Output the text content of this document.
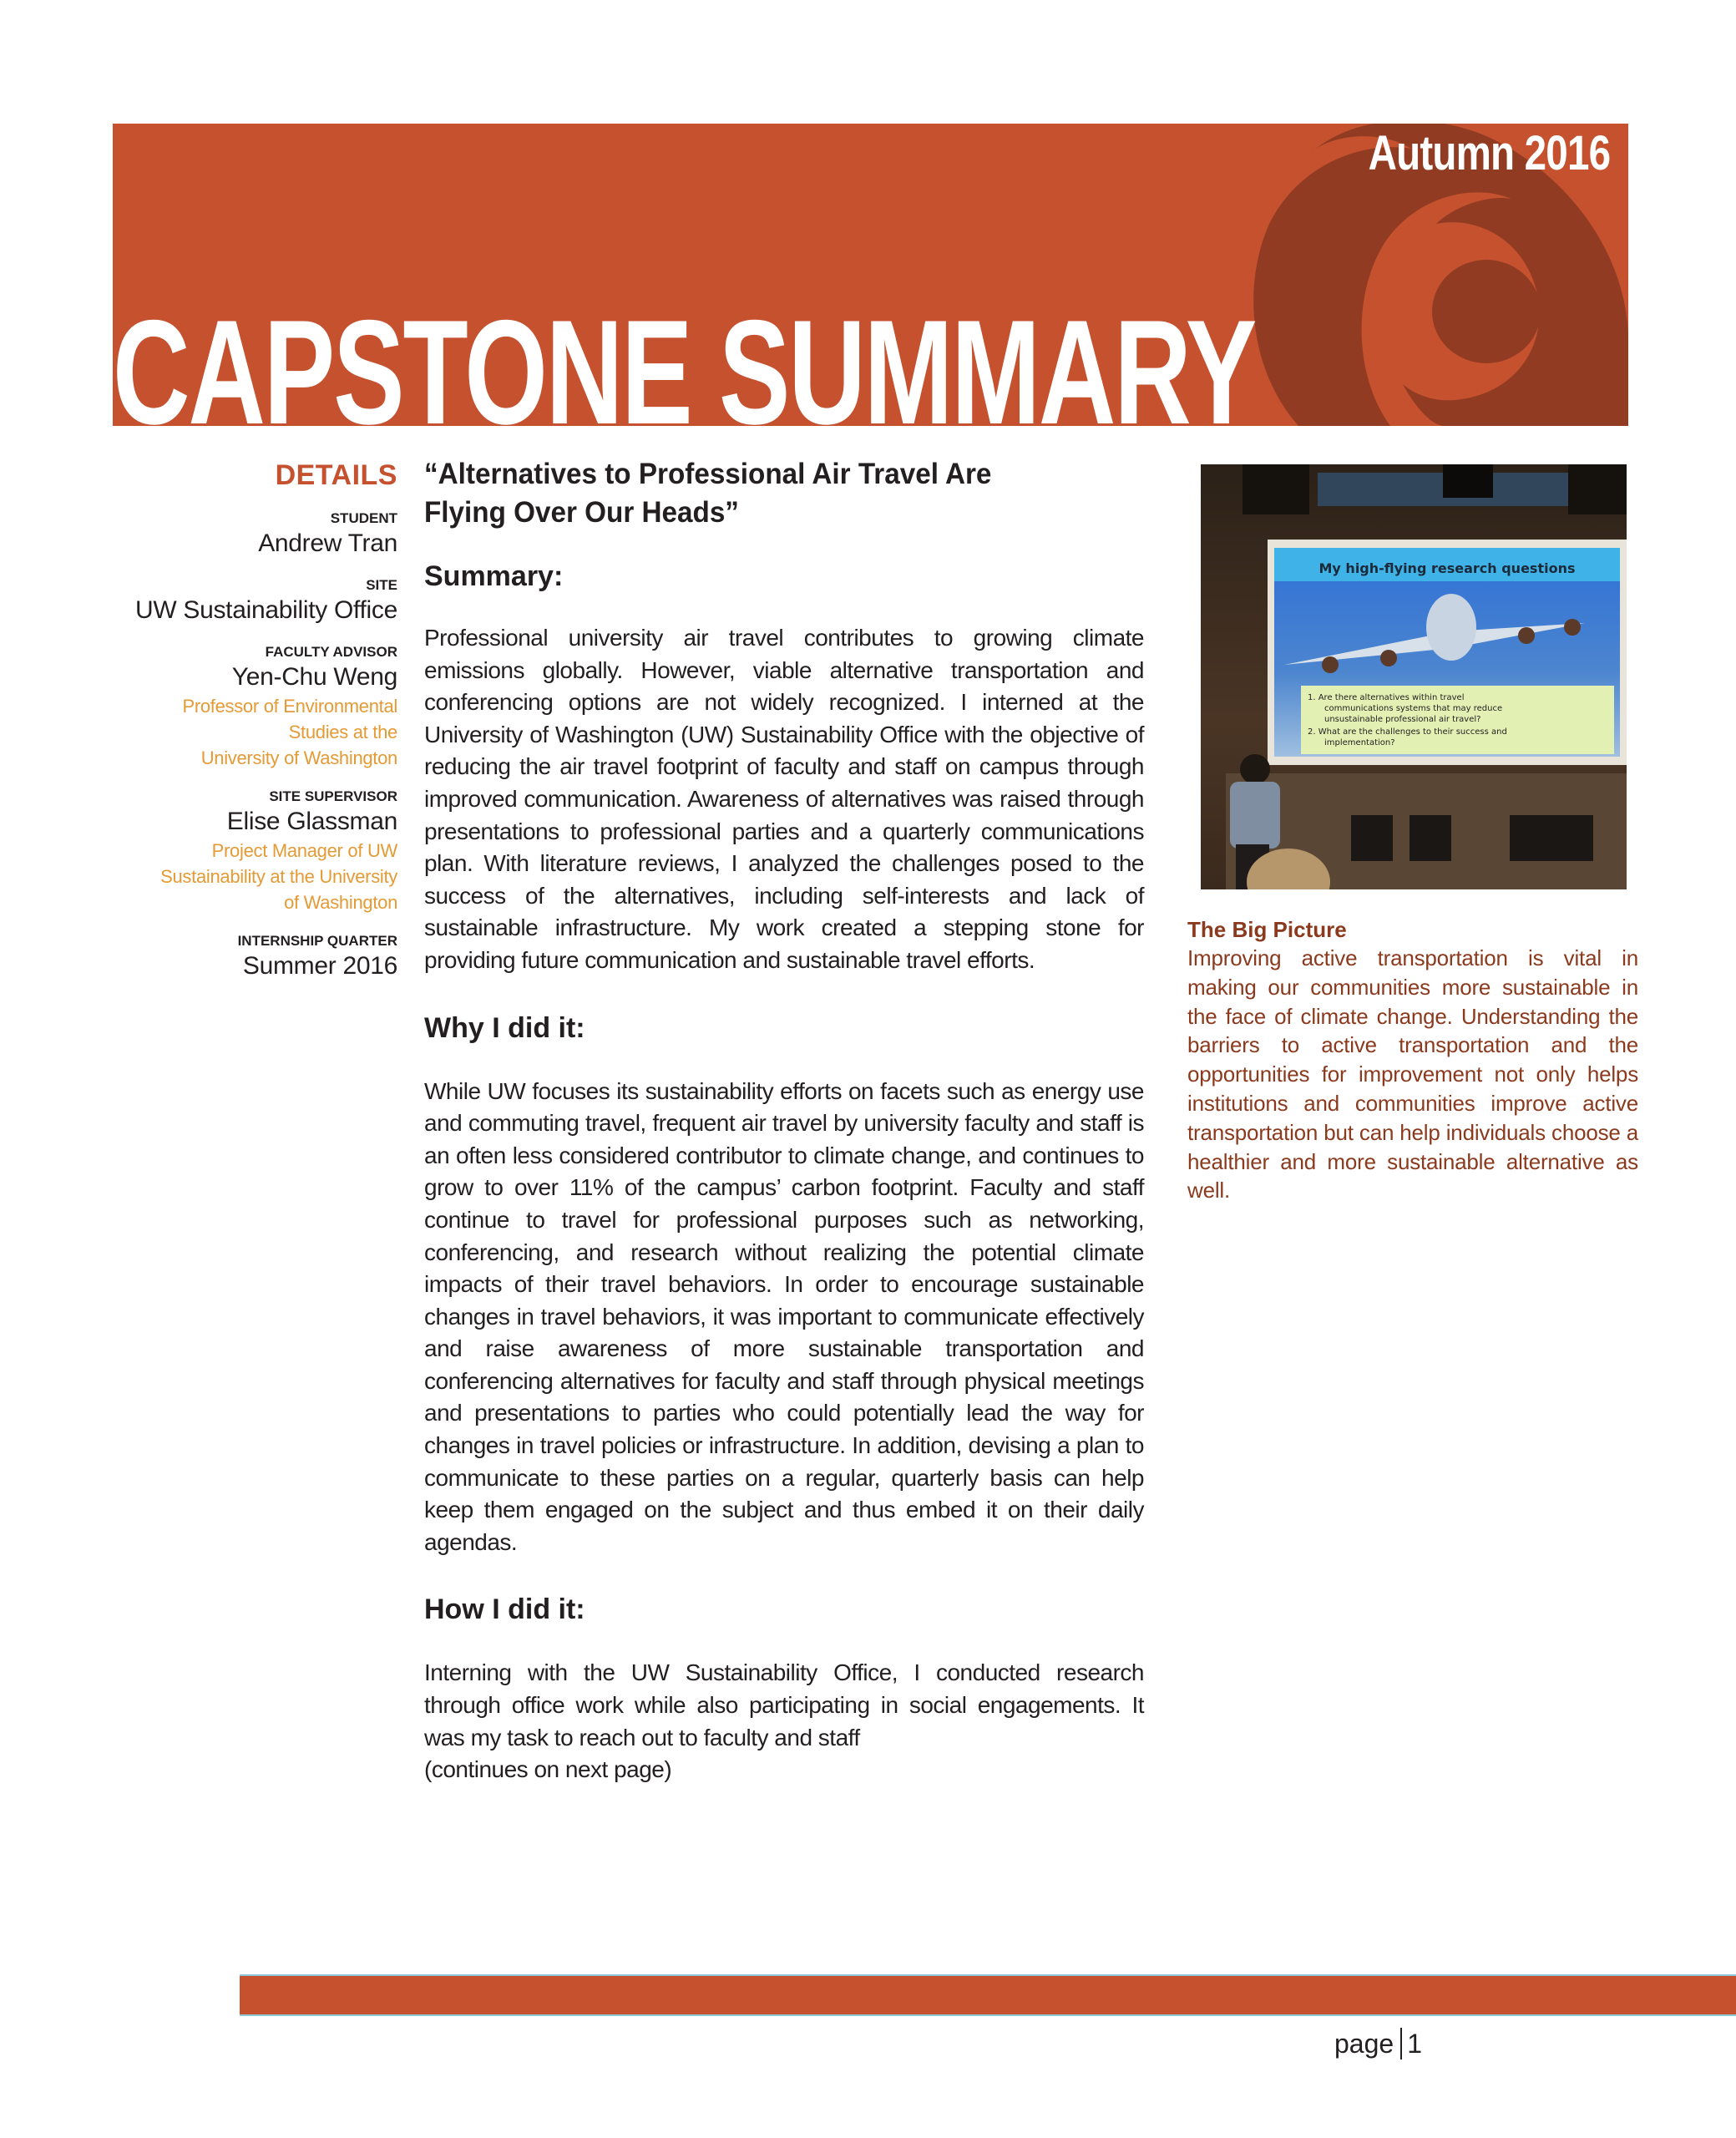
Autumn 2016
CAPSTONE SUMMARY
DETAILS
STUDENT
Andrew Tran
SITE
UW Sustainability Office
FACULTY ADVISOR
Yen-Chu Weng
Professor of Environmental
Studies at the
University of Washington
SITE SUPERVISOR
Elise Glassman
Project Manager of UW
Sustainability at the University
of Washington
INTERNSHIP QUARTER
Summer 2016
“Alternatives to Professional Air Travel Are
Flying Over Our Heads”
Summary:

Professional university air travel contributes to growing climate emissions globally. However, viable alternative transportation and conferencing options are not widely recognized. I interned at the University of Washington (UW) Sustainability Office with the objective of reducing the air travel footprint of faculty and staff on campus through improved communication. Awareness of alternatives was raised through presentations to professional parties and a quarterly communications plan. With literature reviews, I analyzed the challenges posed to the success of the alternatives, including self-interests and lack of sustainable infrastructure. My work created a stepping stone for providing future communication and sustainable travel efforts.

Why I did it:

While UW focuses its sustainability efforts on facets such as energy use and commuting travel, frequent air travel by university faculty and staff is an often less considered contributor to climate change, and continues to grow to over 11% of the campus’ carbon footprint. Faculty and staff continue to travel for professional purposes such as networking, conferencing, and research without realizing the potential climate impacts of their travel behaviors. In order to encourage sustainable changes in travel behaviors, it was important to communicate effectively and raise awareness of more sustainable transportation and conferencing alternatives for faculty and staff through physical meetings and presentations to parties who could potentially lead the way for changes in travel policies or infrastructure. In addition, devising a plan to communicate to these parties on a regular, quarterly basis can help keep them engaged on the subject and thus embed it on their daily agendas.

How I did it:

Interning with the UW Sustainability Office, I conducted research through office work while also participating in social engagements. It was my task to reach out to faculty and staff

(continues on next page)

My high-flying research questions
1. Are there alternatives within travel communications systems that may reduce unsustainable professional air travel? 2. What are the challenges to their success and implementation?
The Big Picture

Improving active transportation is vital in making our communities more sustainable in the face of climate change. Understanding the barriers to active transportation and the opportunities for improvement not only helps institutions and communities improve active transportation but can help individuals choose a healthier and more sustainable alternative as well.

page 1
